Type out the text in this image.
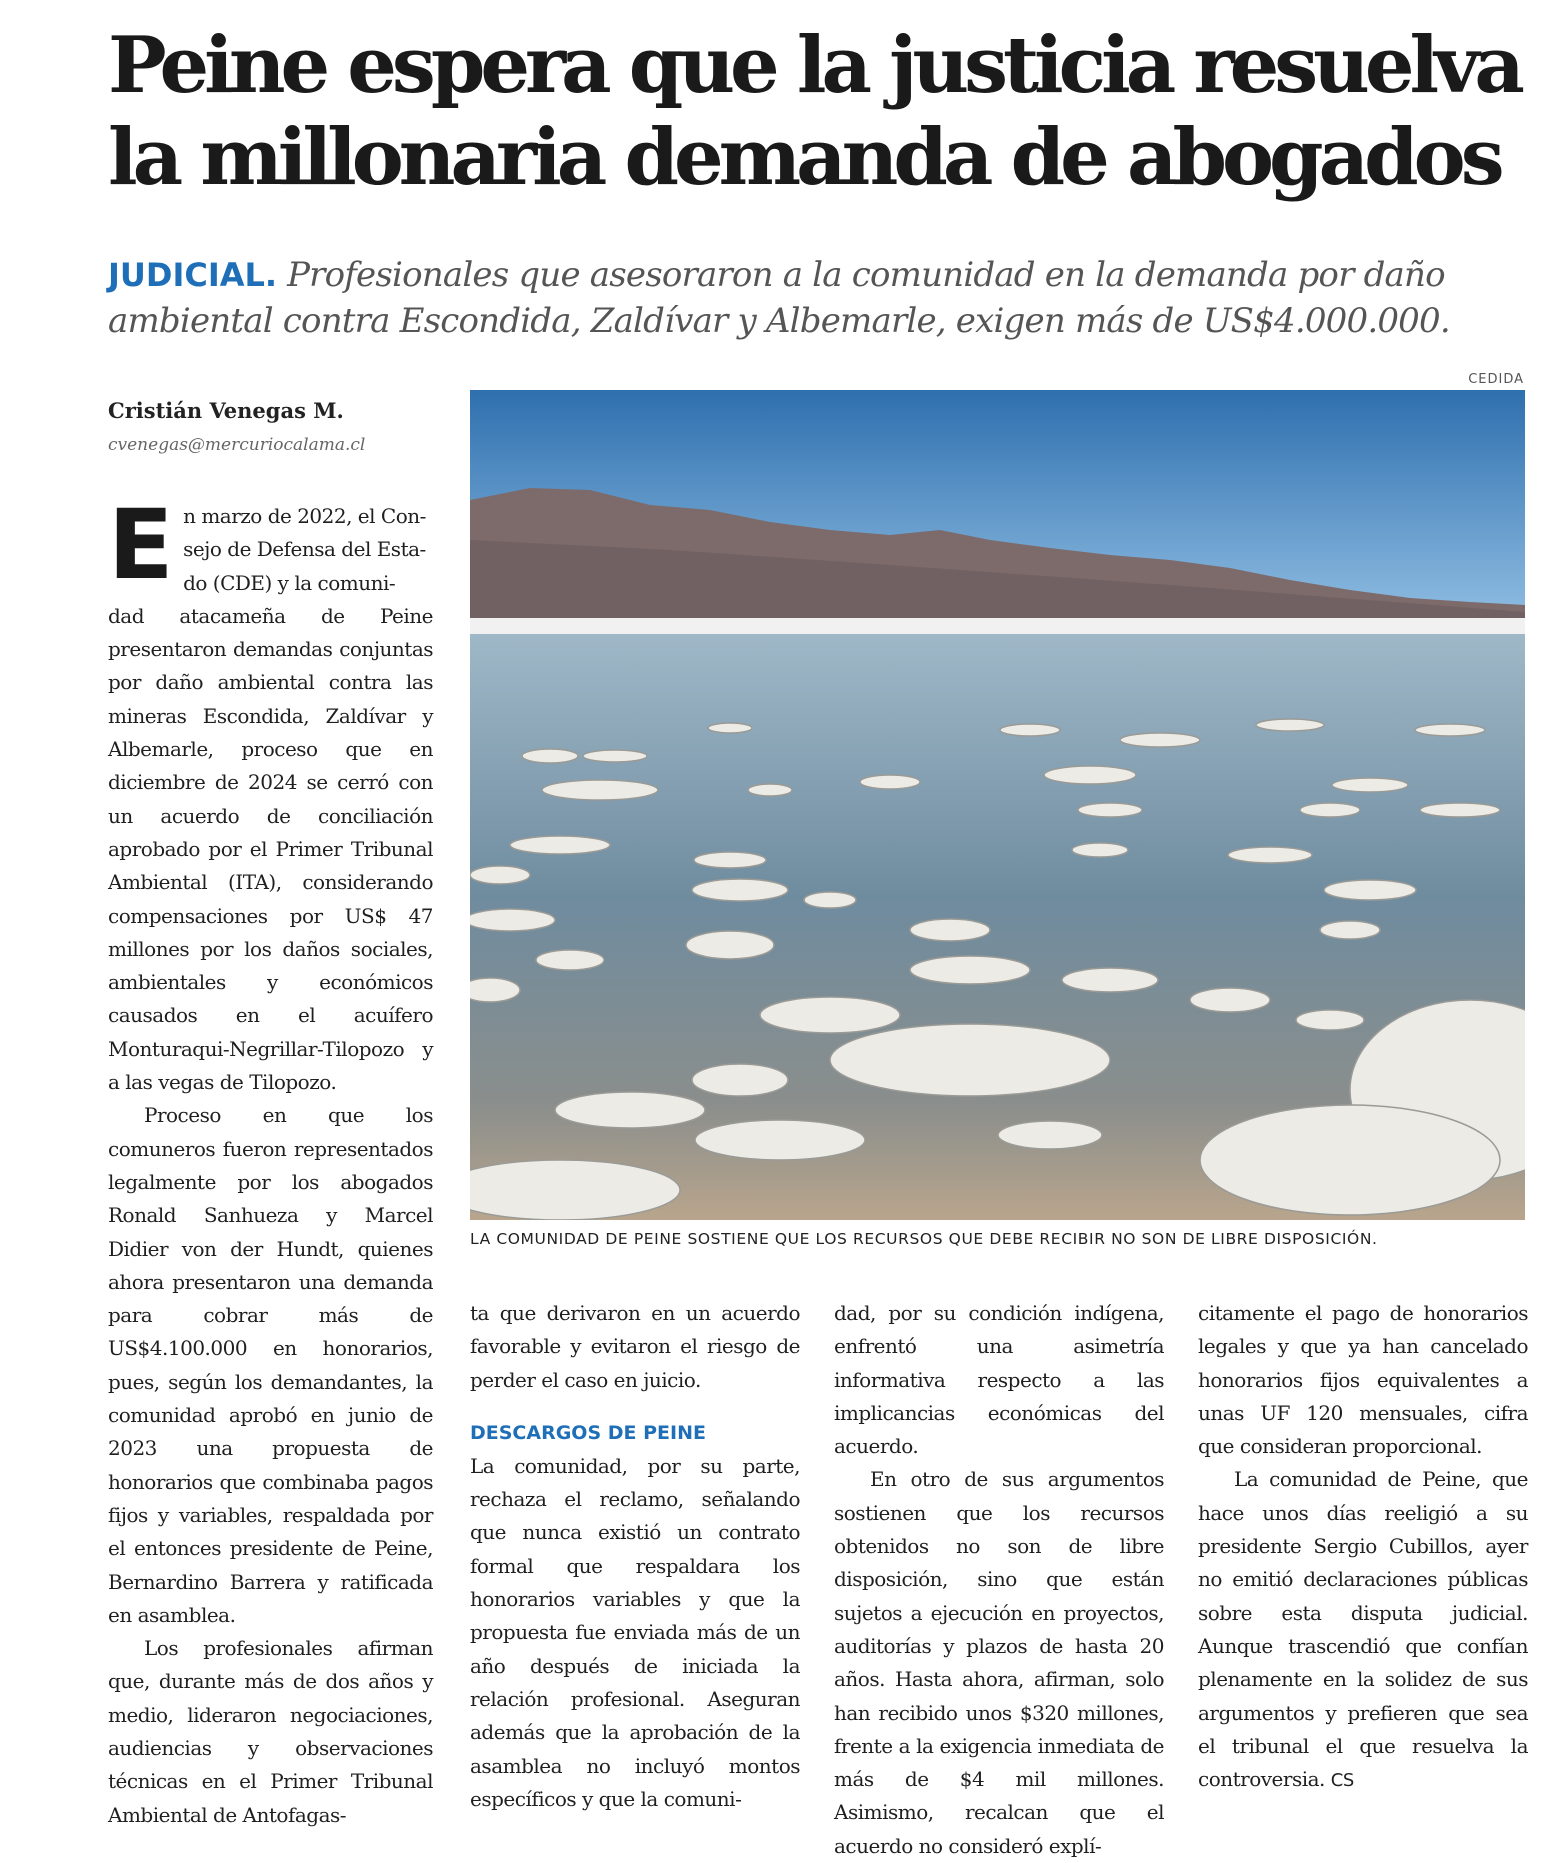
Peine espera que la justicia resuelva
la millonaria demanda de abogados
JUDICIAL. Profesionales que asesoraron a la comunidad en la demanda por daño ambiental contra Escondida, Zaldívar y Albemarle, exigen más de US$4.000.000.
Cristián Venegas M.
cvenegas@mercuriocalama.cl
CEDIDA
LA COMUNIDAD DE PEINE SOSTIENE QUE LOS RECURSOS QUE DEBE RECIBIR NO SON DE LIBRE DISPOSICIÓN.
E n marzo de 2022, el Con-
sejo de Defensa del Esta-
do (CDE) y la comuni-
dad atacameña de Peine presentaron demandas conjuntas por daño ambiental contra las mineras Escondida, Zaldívar y Albemarle, proceso que en diciembre de 2024 se cerró con un acuerdo de conciliación aprobado por el Primer Tribunal Ambiental (ITA), considerando compensaciones por US$ 47 millones por los daños sociales, ambientales y económicos causados en el acuífero Monturaqui-Negrillar-Tilopozo y a las vegas de Tilopozo.

Proceso en que los comuneros fueron representados legalmente por los abogados Ronald Sanhueza y Marcel Didier von der Hundt, quienes ahora presentaron una demanda para cobrar más de US$4.100.000 en honorarios, pues, según los demandantes, la comunidad aprobó en junio de 2023 una propuesta de honorarios que combinaba pagos fijos y variables, respaldada por el entonces presidente de Peine, Bernardino Barrera y ratificada en asamblea.

Los profesionales afirman que, durante más de dos años y medio, lideraron negociaciones, audiencias y observaciones técnicas en el Primer Tribunal Ambiental de Antofagas-

ta que derivaron en un acuerdo favorable y evitaron el riesgo de perder el caso en juicio.

DESCARGOS DE PEINE

La comunidad, por su parte, rechaza el reclamo, señalando que nunca existió un contrato formal que respaldara los honorarios variables y que la propuesta fue enviada más de un año después de iniciada la relación profesional. Aseguran además que la aprobación de la asamblea no incluyó montos específicos y que la comuni-

dad, por su condición indígena, enfrentó una asimetría informativa respecto a las implicancias económicas del acuerdo.

En otro de sus argumentos sostienen que los recursos obtenidos no son de libre disposición, sino que están sujetos a ejecución en proyectos, auditorías y plazos de hasta 20 años. Hasta ahora, afirman, solo han recibido unos $320 millones, frente a la exigencia inmediata de más de $4 mil millones. Asimismo, recalcan que el acuerdo no consideró explí-

citamente el pago de honorarios legales y que ya han cancelado honorarios fijos equivalentes a unas UF 120 mensuales, cifra que consideran proporcional.

La comunidad de Peine, que hace unos días reeligió a su presidente Sergio Cubillos, ayer no emitió declaraciones públicas sobre esta disputa judicial. Aunque trascendió que confían plenamente en la solidez de sus argumentos y prefieren que sea el tribunal el que resuelva la controversia. CS
